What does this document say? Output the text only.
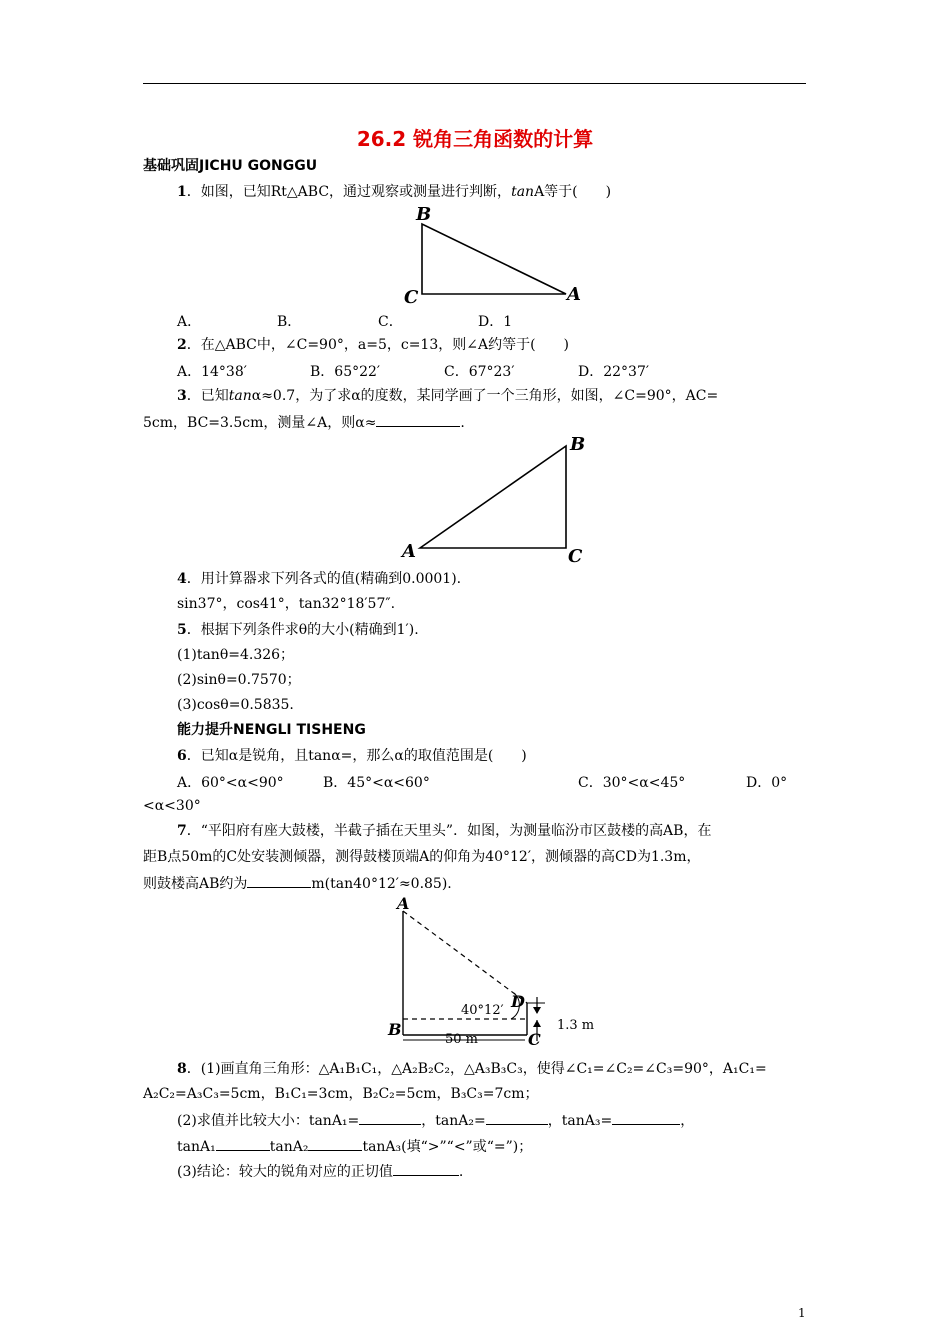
26.2 锐角三角函数的计算
基础巩固JICHU GONGGU
1．如图，已知Rt△ABC，通过观察或测量进行判断，tanA等于(　　)
B
C	A
A．	B．	C．	D．1
2．在△ABC中，∠C=90°，a=5，c=13，则∠A约等于(　　)
A．14°38′	B．65°22′	C．67°23′	D．22°37′
3．已知tanα≈0.7，为了求α的度数，某同学画了一个三角形，如图，∠C=90°，AC=
5cm，BC=3.5cm，测量∠A，则α≈	.
B
A	C
4．用计算器求下列各式的值(精确到0.0001).
sin37°，cos41°，tan32°18′57″.
5．根据下列条件求θ的大小(精确到1′).
(1)tanθ=4.326；
(2)sinθ=0.7570；
(3)cosθ=0.5835.
能力提升NENGLI TISHENG
6．已知α是锐角，且tanα=，那么α的取值范围是(　　)
A．60°<α<90°	B．45°<α<60°	C．30°<α<45°	D．0°
<α<30°
7．“平阳府有座大鼓楼，半截子插在天里头”．如图，为测量临汾市区鼓楼的高AB，在
距B点50m的C处安装测倾器，测得鼓楼顶端A的仰角为40°12′，测倾器的高CD为1.3m，
则鼓楼高AB约为	m(tan40°12′≈0.85).
A
B
C
D
40°12′
50 m
1.3 m
8．(1)画直角三角形：△A₁B₁C₁，△A₂B₂C₂，△A₃B₃C₃，使得∠C₁=∠C₂=∠C₃=90°，A₁C₁=
A₂C₂=A₃C₃=5cm，B₁C₁=3cm，B₂C₂=5cm，B₃C₃=7cm；
(2)求值并比较大小：tanA₁=	，tanA₂=	，tanA₃=	，
tanA₁	tanA₂	tanA₃(填“>”“<”或“=”)；
(3)结论：较大的锐角对应的正切值	.
1
